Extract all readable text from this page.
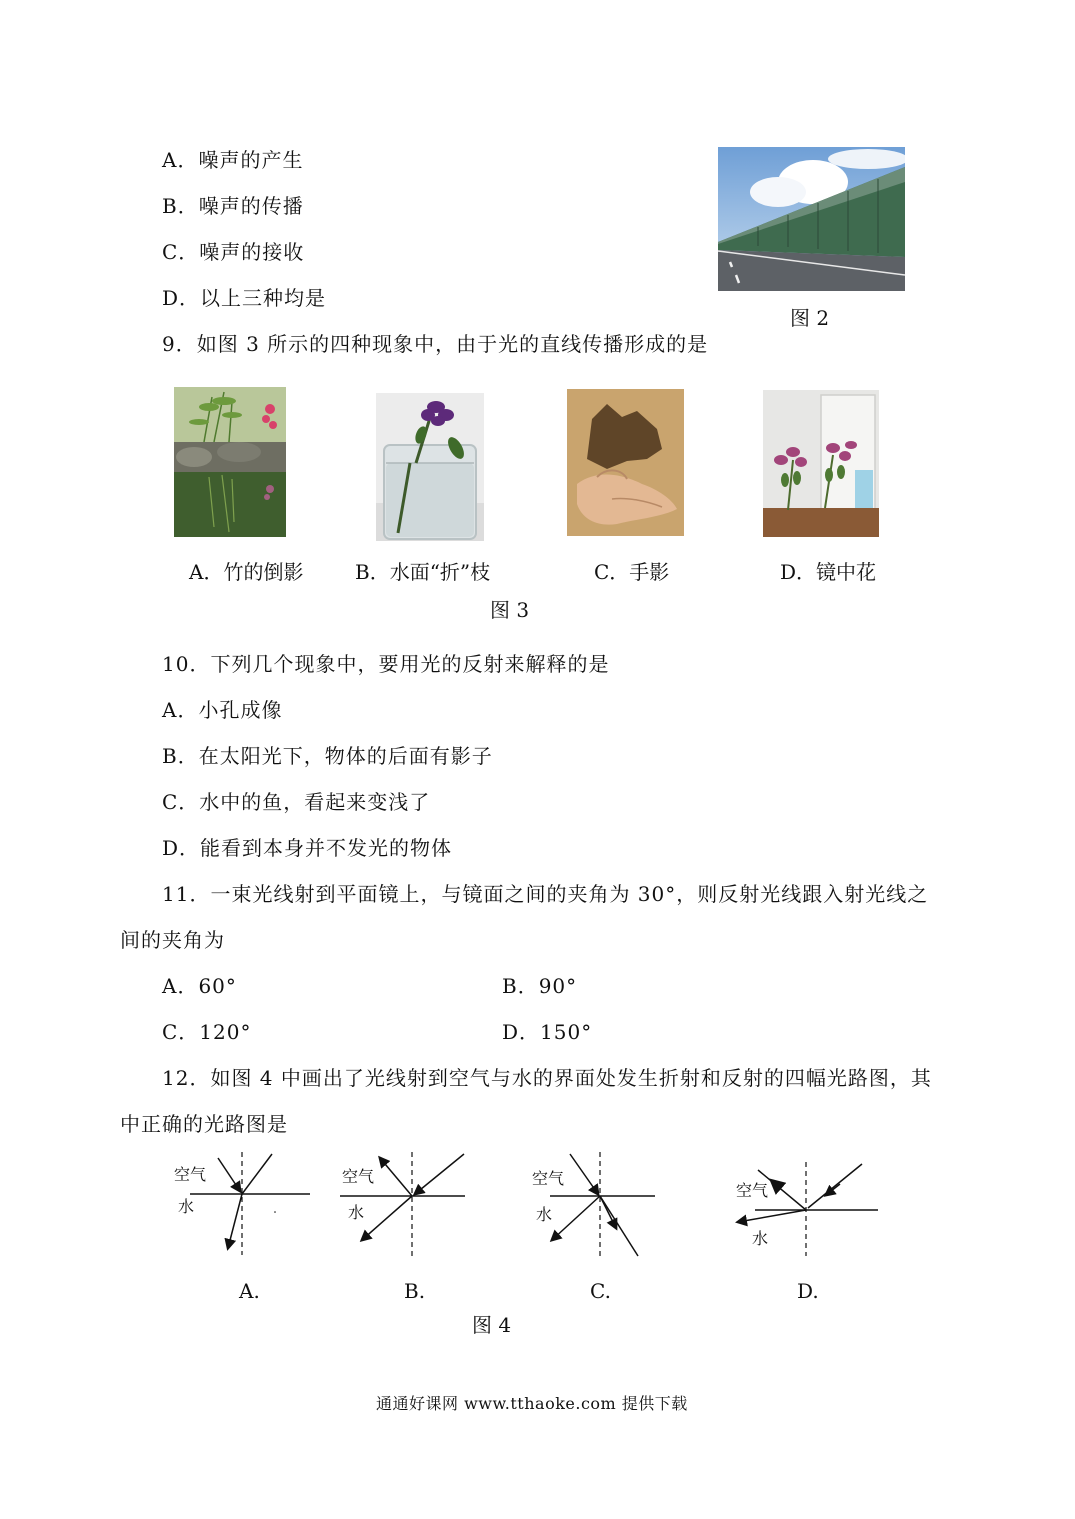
A．噪声的产生
B．噪声的传播
C．噪声的接收
D．以上三种均是
图 2
9．如图 3 所示的四种现象中，由于光的直线传播形成的是
A．竹的倒影	B．水面“折”枝	C．手影	D．镜中花
图 3
10．下列几个现象中，要用光的反射来解释的是
A．小孔成像
B．在太阳光下，物体的后面有影子
C．水中的鱼，看起来变浅了
D．能看到本身并不发光的物体
11．一束光线射到平面镜上，与镜面之间的夹角为 30°，则反射光线跟入射光线之
间的夹角为
A．60°	B．90°
C．120°	D．150°
12．如图 4 中画出了光线射到空气与水的界面处发生折射和反射的四幅光路图，其
中正确的光路图是
空气
水
空气
水
空气
水
空气
水
A.	B.	C.	D.
图 4
通通好课网 www.tthaoke.com 提供下载
